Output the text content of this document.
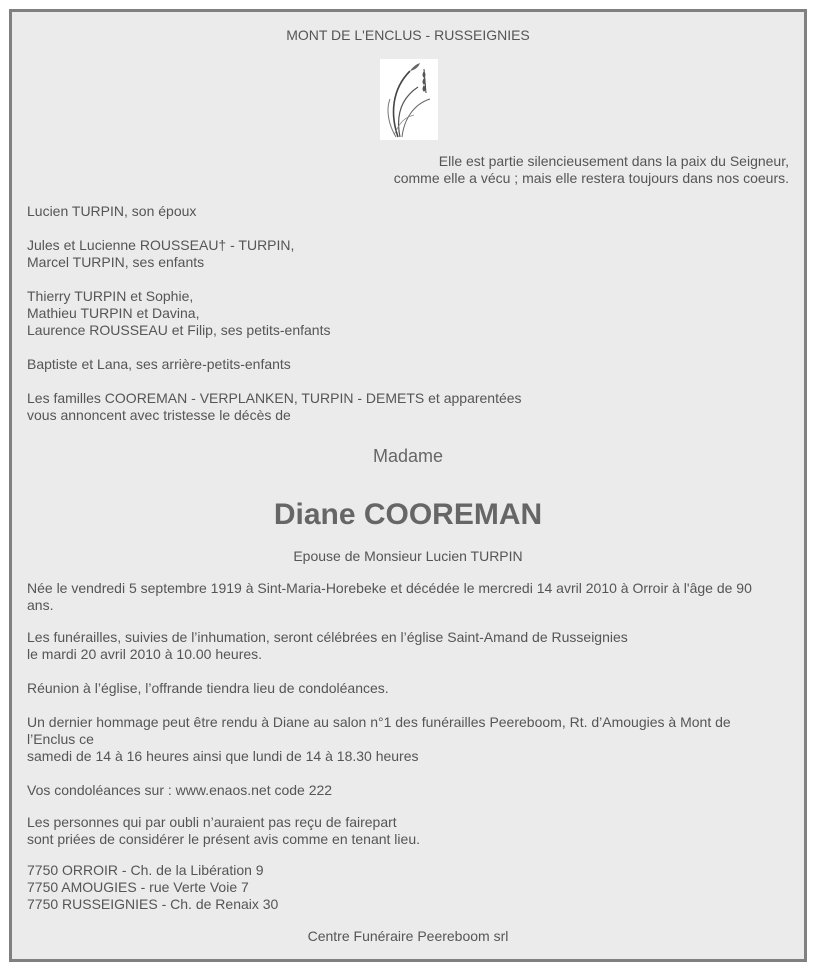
MONT DE L'ENCLUS - RUSSEIGNIES
Elle est partie silencieusement dans la paix du Seigneur,
comme elle a vécu ; mais elle restera toujours dans nos coeurs.
Lucien TURPIN, son époux
Jules et Lucienne ROUSSEAU† - TURPIN,
Marcel TURPIN, ses enfants
Thierry TURPIN et Sophie,
Mathieu TURPIN et Davina,
Laurence ROUSSEAU et Filip, ses petits-enfants
Baptiste et Lana, ses arrière-petits-enfants
Les familles COOREMAN - VERPLANKEN, TURPIN - DEMETS et apparentées
vous annoncent avec tristesse le décès de
Madame
Diane COOREMAN
Epouse de Monsieur Lucien TURPIN
Née le vendredi 5 septembre 1919 à Sint-Maria-Horebeke et décédée le mercredi 14 avril 2010 à Orroir à l'âge de 90
ans.
Les funérailles, suivies de l’inhumation, seront célébrées en l’église Saint-Amand de Russeignies
le mardi 20 avril 2010 à 10.00 heures.
Réunion à l’église, l’offrande tiendra lieu de condoléances.
Un dernier hommage peut être rendu à Diane au salon n°1 des funérailles Peereboom, Rt. d’Amougies à Mont de
l’Enclus ce
samedi de 14 à 16 heures ainsi que lundi de 14 à 18.30 heures
Vos condoléances sur : www.enaos.net code 222
Les personnes qui par oubli n’auraient pas reçu de fairepart
sont priées de considérer le présent avis comme en tenant lieu.
7750 ORROIR - Ch. de la Libération 9
7750 AMOUGIES - rue Verte Voie 7
7750 RUSSEIGNIES - Ch. de Renaix 30
Centre Funéraire Peereboom srl
